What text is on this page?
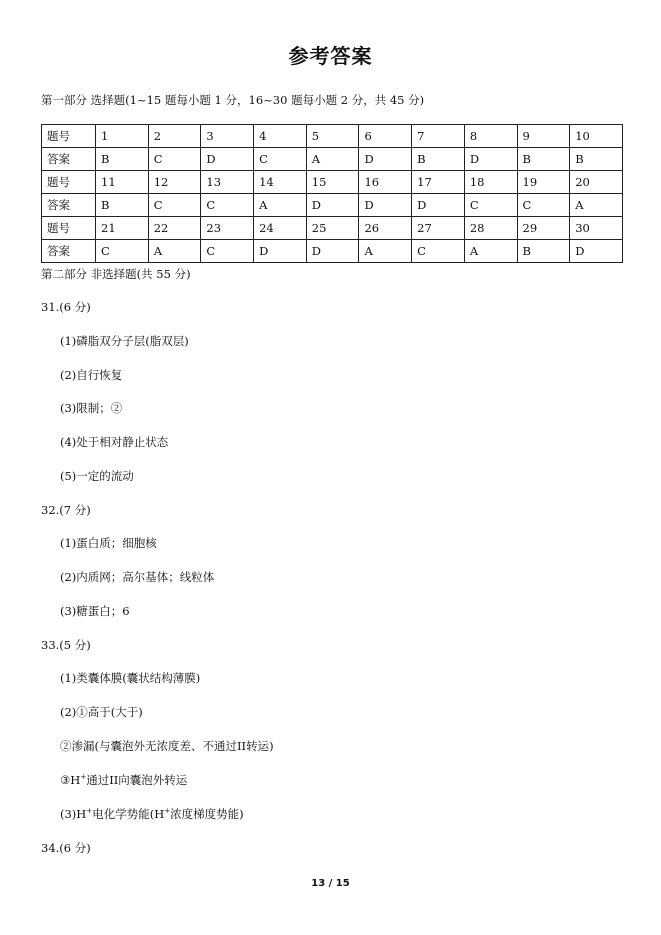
参考答案
第一部分 选择题(1~15 题每小题 1 分，16~30 题每小题 2 分，共 45 分)
题号	1	2	3	4	5	6	7	8	9	10
答案	B	C	D	C	A	D	B	D	B	B
题号	11	12	13	14	15	16	17	18	19	20
答案	B	C	C	A	D	D	D	C	C	A
题号	21	22	23	24	25	26	27	28	29	30
答案	C	A	C	D	D	A	C	A	B	D
第二部分 非选择题(共 55 分)
31.(6 分)
(1)磷脂双分子层(脂双层)
(2)自行恢复
(3)限制；②
(4)处于相对静止状态
(5)一定的流动
32.(7 分)
(1)蛋白质；细胞核
(2)内质网；高尔基体；线粒体
(3)糖蛋白；6
33.(5 分)
(1)类囊体膜(囊状结构薄膜)
(2)①高于(大于)
②渗漏(与囊泡外无浓度差、不通过II转运)
③H+通过II向囊泡外转运
(3)H+电化学势能(H+浓度梯度势能)
34.(6 分)
13 / 15
